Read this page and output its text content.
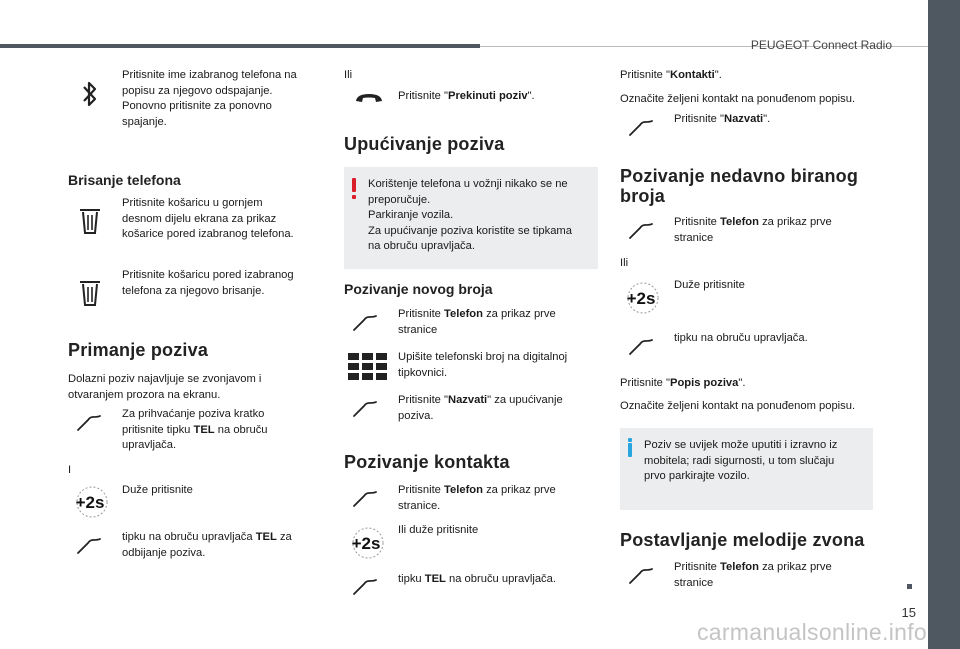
PEUGEOT Connect Radio
15
carmanualsonline.info
Pritisnite ime izabranog telefona na
popisu za njegovo odspajanje.
Ponovno pritisnite za ponovno
spajanje.
Brisanje telefona
Pritisnite košaricu u gornjem
desnom dijelu ekrana za prikaz
košarice pored izabranog telefona.
Pritisnite košaricu pored izabranog
telefona za njegovo brisanje.
Primanje poziva
Dolazni poziv najavljuje se zvonjavom i
otvaranjem prozora na ekranu.
Za prihvaćanje poziva kratko
pritisnite tipku TEL na obruču
upravljača.
I
+2s
Duže pritisnite
tipku na obruču upravljača TEL za
odbijanje poziva.
Ili
Pritisnite "Prekinuti poziv".
Upućivanje poziva
Korištenje telefona u vožnji nikako se ne
preporučuje.
Parkiranje vozila.
Za upućivanje poziva koristite se tipkama
na obruču upravljača.
Pozivanje novog broja
Pritisnite Telefon za prikaz prve
stranice
Upišite telefonski broj na digitalnoj
tipkovnici.
Pritisnite "Nazvati" za upućivanje
poziva.
Pozivanje kontakta
Pritisnite Telefon za prikaz prve
stranice.
+2s
Ili duže pritisnite
tipku TEL na obruču upravljača.
Pritisnite "Kontakti".
Označite željeni kontakt na ponuđenom popisu.
Pritisnite "Nazvati".
Pozivanje nedavno biranog
broja
Pritisnite Telefon za prikaz prve
stranice
Ili
+2s
Duže pritisnite
tipku na obruču upravljača.
Pritisnite "Popis poziva".
Označite željeni kontakt na ponuđenom popisu.
Poziv se uvijek može uputiti i izravno iz
mobitela; radi sigurnosti, u tom slučaju
prvo parkirajte vozilo.
Postavljanje melodije zvona
Pritisnite Telefon za prikaz prve
stranice
